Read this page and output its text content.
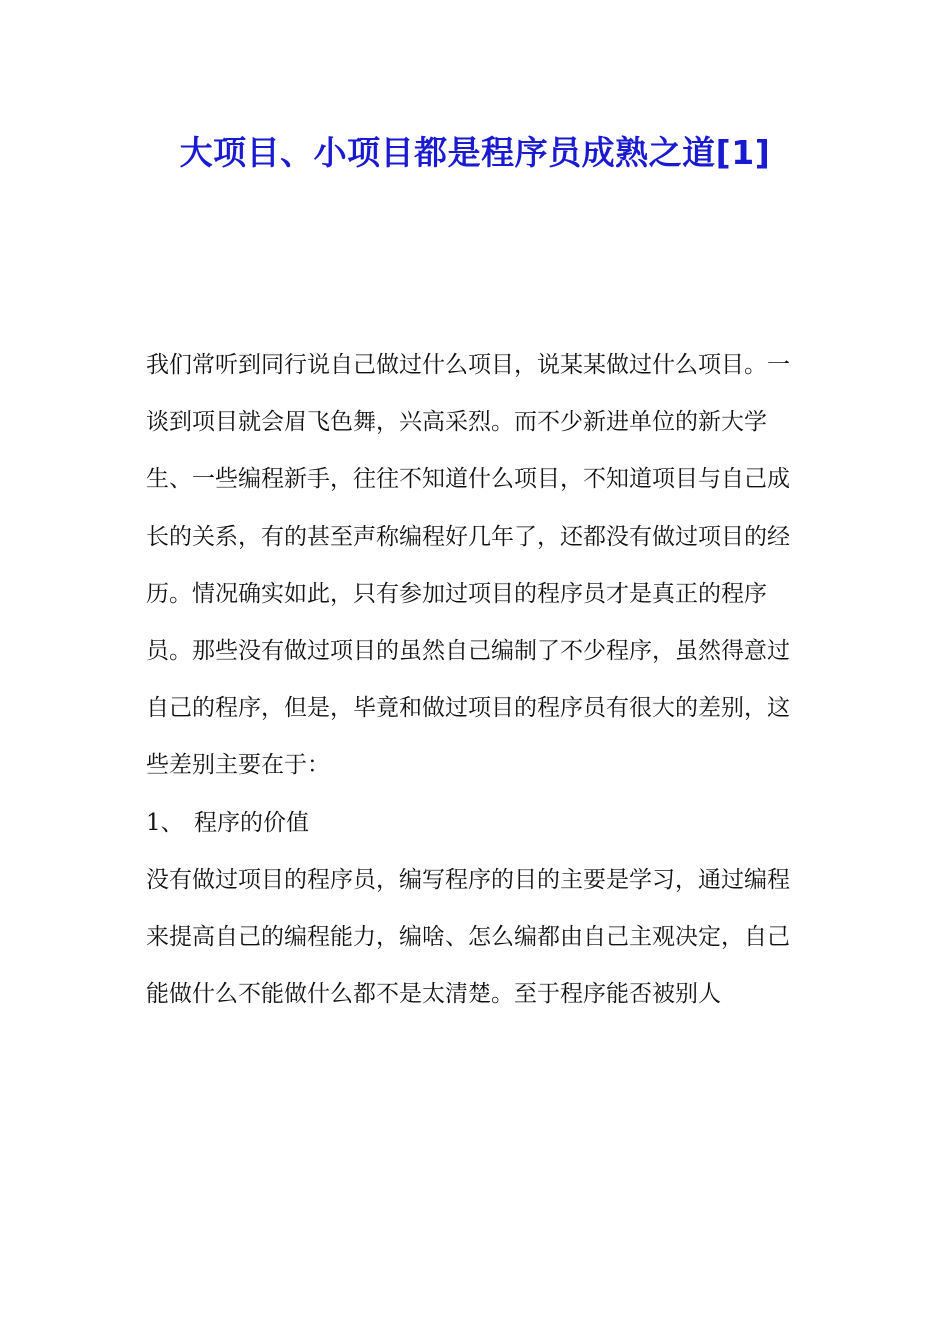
大项目、小项目都是程序员成熟之道[1]

我们常听到同行说自己做过什么项目，说某某做过什么项目。一谈到项目就会眉飞色舞，兴高采烈。而不少新进单位的新大学生、一些编程新手，往往不知道什么项目，不知道项目与自己成长的关系，有的甚至声称编程好几年了，还都没有做过项目的经历。情况确实如此，只有参加过项目的程序员才是真正的程序员。那些没有做过项目的虽然自己编制了不少程序，虽然得意过自己的程序，但是，毕竟和做过项目的程序员有很大的差别，这些差别主要在于：

1、 程序的价值

没有做过项目的程序员，编写程序的目的主要是学习，通过编程来提高自己的编程能力，编啥、怎么编都由自己主观决定，自己能做什么不能做什么都不是太清楚。至于程序能否被别人
